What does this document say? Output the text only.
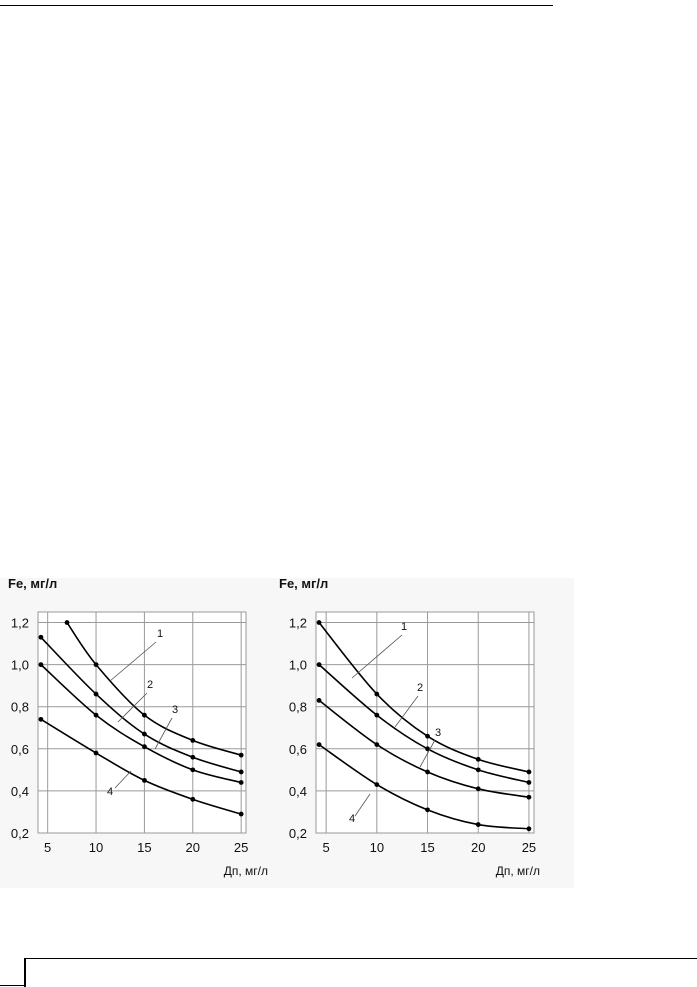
5	10	15	20	25
0,2
0,4
0,6
0,8
1,0
1,2
Fe, мг/л
Дп, мг/л
1
2
3
4
5	10	15	20	25
0,2
0,4
0,6
0,8
1,0
1,2
Fe, мг/л
Дп, мг/л
1
2
3
4
